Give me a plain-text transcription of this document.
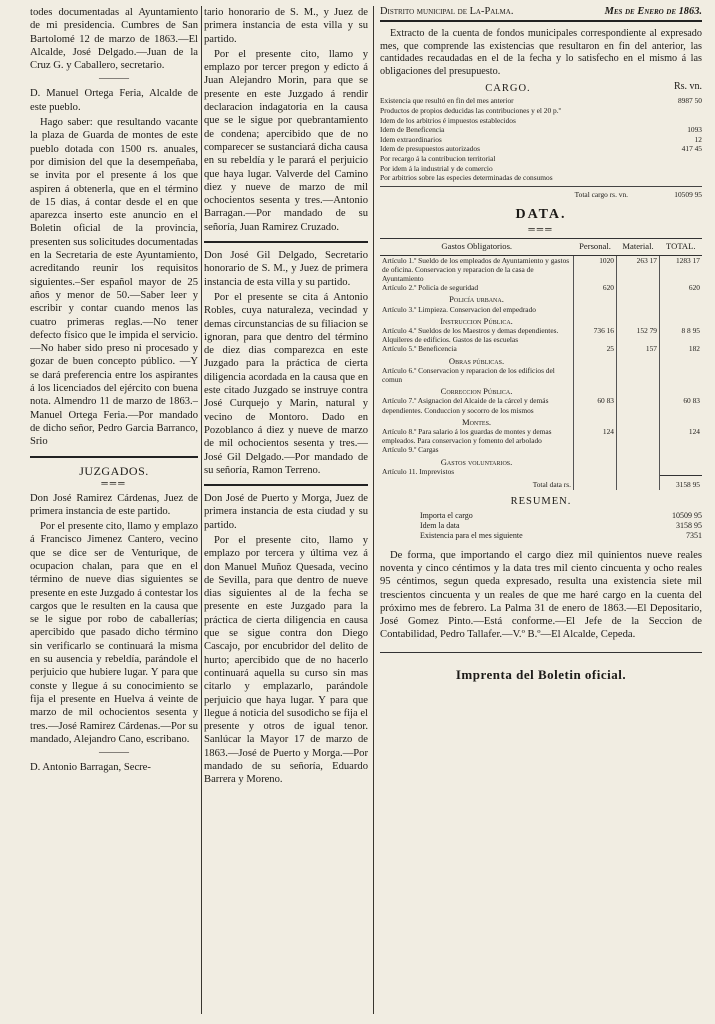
todes documentadas al Ayuntamiento de mi presidencia. Cumbres de San Bartolomé 12 de marzo de 1863.—El Alcalde, José Delgado.—Juan de la Cruz G. y Caballero, secretario.

———

D. Manuel Ortega Feria, Alcalde de este pueblo.

Hago saber: que resultando vacante la plaza de Guarda de montes de este pueblo dotada con 1500 rs. anuales, por dimision del que la desempeñaba, se invita por el presente á los que aspiren á obtenerla, que en el término de 15 dias, á contar desde el en que aparezca inserto este anuncio en el Boletin oficial de la provincia, presenten sus solicitudes documentadas en la Secretaria de este Ayuntamiento, acreditando reunir los requisitos siguientes.–Ser español mayor de 25 años y menor de 50.—Saber leer y escribir y contar cuando menos las cuatro primeras reglas.—No tener defecto físico que le impida el servicio.—No haber sido preso ni procesado y gozar de buen concepto público. —Y se dará preferencia entre los aspirantes á los licenciados del ejército con buena nota. Almendro 11 de marzo de 1863.–Manuel Ortega Feria.—Por mandado de dicho señor, Pedro Garcia Barranco, Srio

JUZGADOS.
═══

Don José Ramirez Cárdenas, Juez de primera instancia de este partido.

Por el presente cito, llamo y emplazo á Francisco Jimenez Cantero, vecino que se dice ser de Venturique, de ocupacion chalan, para que en el término de nueve dias siguientes se presente en este Juzgado á contestar los cargos que le resulten en la causa que se le sigue por robo de caballerías; apercibido que pasado dicho término sin verificarlo se continuará la misma en su ausencia y rebeldía, parándole el perjuicio que hubiere lugar. Y para que conste y llegue á su conocimiento se fija el presente en Huelva á veinte de marzo de mil ochocientos sesenta y tres.—José Ramirez Cárdenas.—Por su mandado, Alejandro Cano, escribano.

———

D. Antonio Barragan, Secre-

tario honorario de S. M., y Juez de primera instancia de esta villa y su partido.

Por el presente cito, llamo y emplazo por tercer pregon y edicto á Juan Alejandro Morin, para que se presente en este Juzgado á rendir declaracion indagatoria en la causa que se le sigue por quebrantamiento de condena; apercibido que de no comparecer se sustanciará dicha causa en su rebeldía y le parará el perjuicio que haya lugar. Valverde del Camino diez y nueve de marzo de mil ochocientos sesenta y tres.—Antonio Barragan.—Por mandado de su señoría, Juan Ramirez Cruzado.

Don José Gil Delgado, Secretario honorario de S. M., y Juez de primera instancia de esta villa y su partido.

Por el presente se cita á Antonio Robles, cuya naturaleza, vecindad y demas circunstancias de su filiacion se ignoran, para que dentro del término de diez dias comparezca en este Juzgado para la práctica de cierta diligencia acordada en la causa que en este citado Juzgado se instruye contra José Curquejo y Marin, natural y vecino de Montoro. Dado en Pozoblanco á diez y nueve de marzo de mil ochocientos sesenta y tres.—José Gil Delgado.—Por mandado de su señoría, Ramon Terreno.

Don José de Puerto y Morga, Juez de primera instancia de esta ciudad y su partido.

Por el presente cito, llamo y emplazo por tercera y última vez á don Manuel Muñoz Quesada, vecino de Sevilla, para que dentro de nueve dias siguientes al de la fecha se presente en este Juzgado para la práctica de cierta diligencia en causa que se sigue contra don Diego Cascajo, por encubridor del delito de hurto; apercibido que de no hacerlo continuará aquella su curso sin mas citarlo y emplazarlo, parándole perjuicio que haya lugar. Y para que llegue á noticia del susodicho se fija el presente y otros de igual tenor. Sanlúcar la Mayor 17 de marzo de 1863.—José de Puerto y Morga.—Por mandado de su señoría, Eduardo Barrera y Moreno.

Distrito municipal de La-Palma.	Mes de Enero de 1863.

Extracto de la cuenta de fondos municipales correspondiente al expresado mes, que comprende las existencias que resultaron en fin del anterior, las cantidades recaudadas en el de la fecha y lo satisfecho en el mismo á las obligaciones del presupuesto.

CARGO.	Rs. vn.
Existencia que resultó en fin del mes anterior	8987 50
Productos de propios deducidas las contribuciones y el 20 p.º
Idem de los arbitrios é impuestos establecidos
Idem de Beneficencia	1093
Idem extraordinarios	12
Idem de presupuestos autorizados	417 45
Por recargo á la contribucion territorial
Por idem á la industrial y de comercio
Por arbitrios sobre las especies determinadas de consumos
Total cargo rs. vn.	10509 95
DATA.
═══
Gastos Obligatorios.	Personal.	Material.	TOTAL.
Artículo 1.º Sueldo de los empleados de Ayuntamiento y gastos de oficina. Conservacion y reparacion de la casa de Ayuntamiento	1020	263 17	1283 17
Artículo 2.º Policía de seguridad	620		620
Policía urbana.			
Artículo 3.º Limpieza. Conservacion del empedrado			
Instruccion Pública.			
Artículo 4.º Sueldos de los Maestros y demas dependientes. Alquileres de edificios. Gastos de las escuelas	736 16	152 79	8 8 95
Artículo 5.º Beneficencia	25	157	182
Obras públicas.			
Artículo 6.º Conservacion y reparacion de los edificios del comun			
Correccion Pública.			
Artículo 7.º Asignacion del Alcaide de la cárcel y demás dependientes. Conduccion y socorro de los mismos	60 83		60 83
Montes.			
Artículo 8.º Para salario á los guardas de montes y demas empleados. Para conservacion y fomento del arbolado	124		124
Artículo 9.º Cargas			
Gastos voluntarios.			
Artículo 11. Imprevistos			
Total data rs.			3158 95
RESUMEN.
Importa el cargo	10509 95
Idem la data	3158 95
Existencia para el mes siguiente	7351

De forma, que importando el cargo diez mil quinientos nueve reales noventa y cinco céntimos y la data tres mil ciento cincuenta y ocho reales 95 céntimos, segun queda expresado, resulta una existencia siete mil trescientos cincuenta y un reales de que me haré cargo en la cuenta del próximo mes de febrero. La Palma 31 de enero de 1863.—El Depositario, José Gomez Pinto.—Está conforme.—El Jefe de la Seccion de Contabilidad, Pedro Tallafer.—V.º B.º—El Alcalde, Cepeda.

Imprenta del Boletin oficial.
